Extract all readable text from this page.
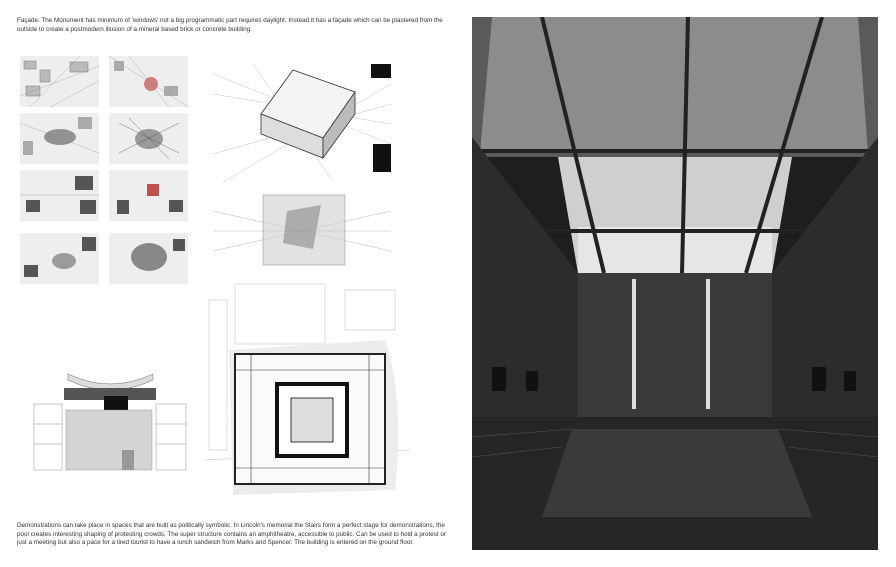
Façade: The Monument has minimum of 'windows' not a big programmatic part requires daylight. Instead it has a façade which can be plastered from the outside to create a postmodern illusion of a mineral based brick or concrete building.
Demonstrations can take place in spaces that are built as politically symbolic. In Lincoln's memorial the Stairs form a perfect stage for demonstrations, the pool creates interesting shaping of protesting crowds. The super structure contains an amphitheatre, accessible to public. Can be used to hold a protest or just a meeting but also a pace for a tired tourist to have a lunch sandwich from Marks and Spencer. The building is entered on the ground floor.
